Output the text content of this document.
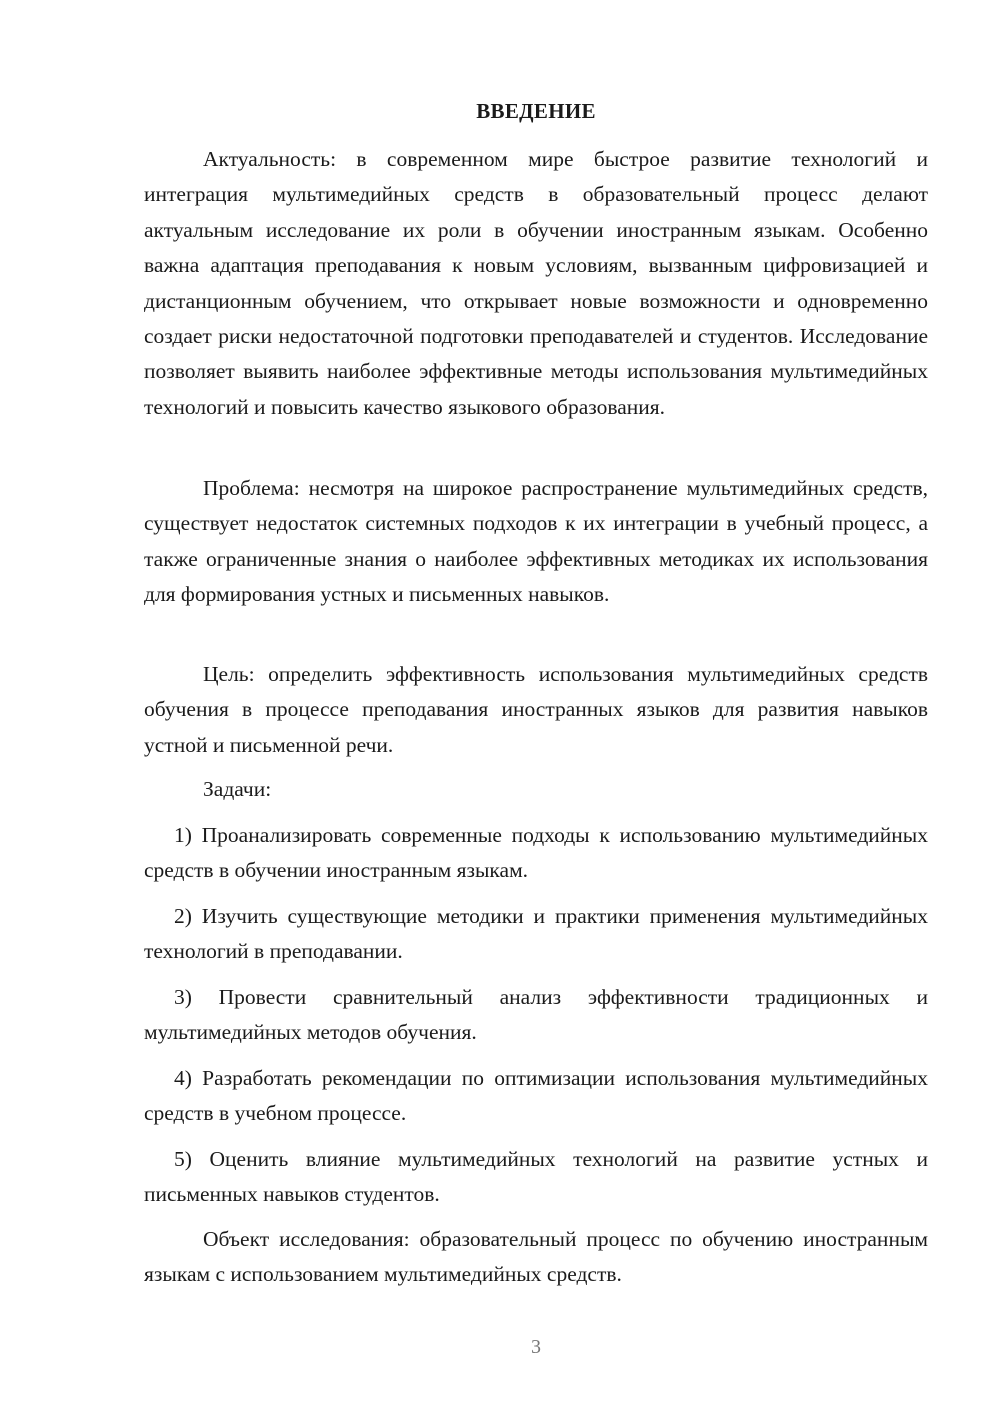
ВВЕДЕНИЕ

Актуальность: в современном мире быстрое развитие технологий и интеграция мультимедийных средств в образовательный процесс делают актуальным исследование их роли в обучении иностранным языкам. Особенно важна адаптация преподавания к новым условиям, вызванным цифровизацией и дистанционным обучением, что открывает новые возможности и одновременно создает риски недостаточной подготовки преподавателей и студентов. Исследование позволяет выявить наиболее эффективные методы использования мультимедийных технологий и повысить качество языкового образования.

Проблема: несмотря на широкое распространение мультимедийных средств, существует недостаток системных подходов к их интеграции в учебный процесс, а также ограниченные знания о наиболее эффективных методиках их использования для формирования устных и письменных навыков.

Цель: определить эффективность использования мультимедийных средств обучения в процессе преподавания иностранных языков для развития навыков устной и письменной речи.

Задачи:

1) Проанализировать современные подходы к использованию мультимедийных средств в обучении иностранным языкам.

2) Изучить существующие методики и практики применения мультимедийных технологий в преподавании.

3) Провести сравнительный анализ эффективности традиционных и мультимедийных методов обучения.

4) Разработать рекомендации по оптимизации использования мультимедийных средств в учебном процессе.

5) Оценить влияние мультимедийных технологий на развитие устных и письменных навыков студентов.

Объект исследования: образовательный процесс по обучению иностранным языкам с использованием мультимедийных средств.

3
